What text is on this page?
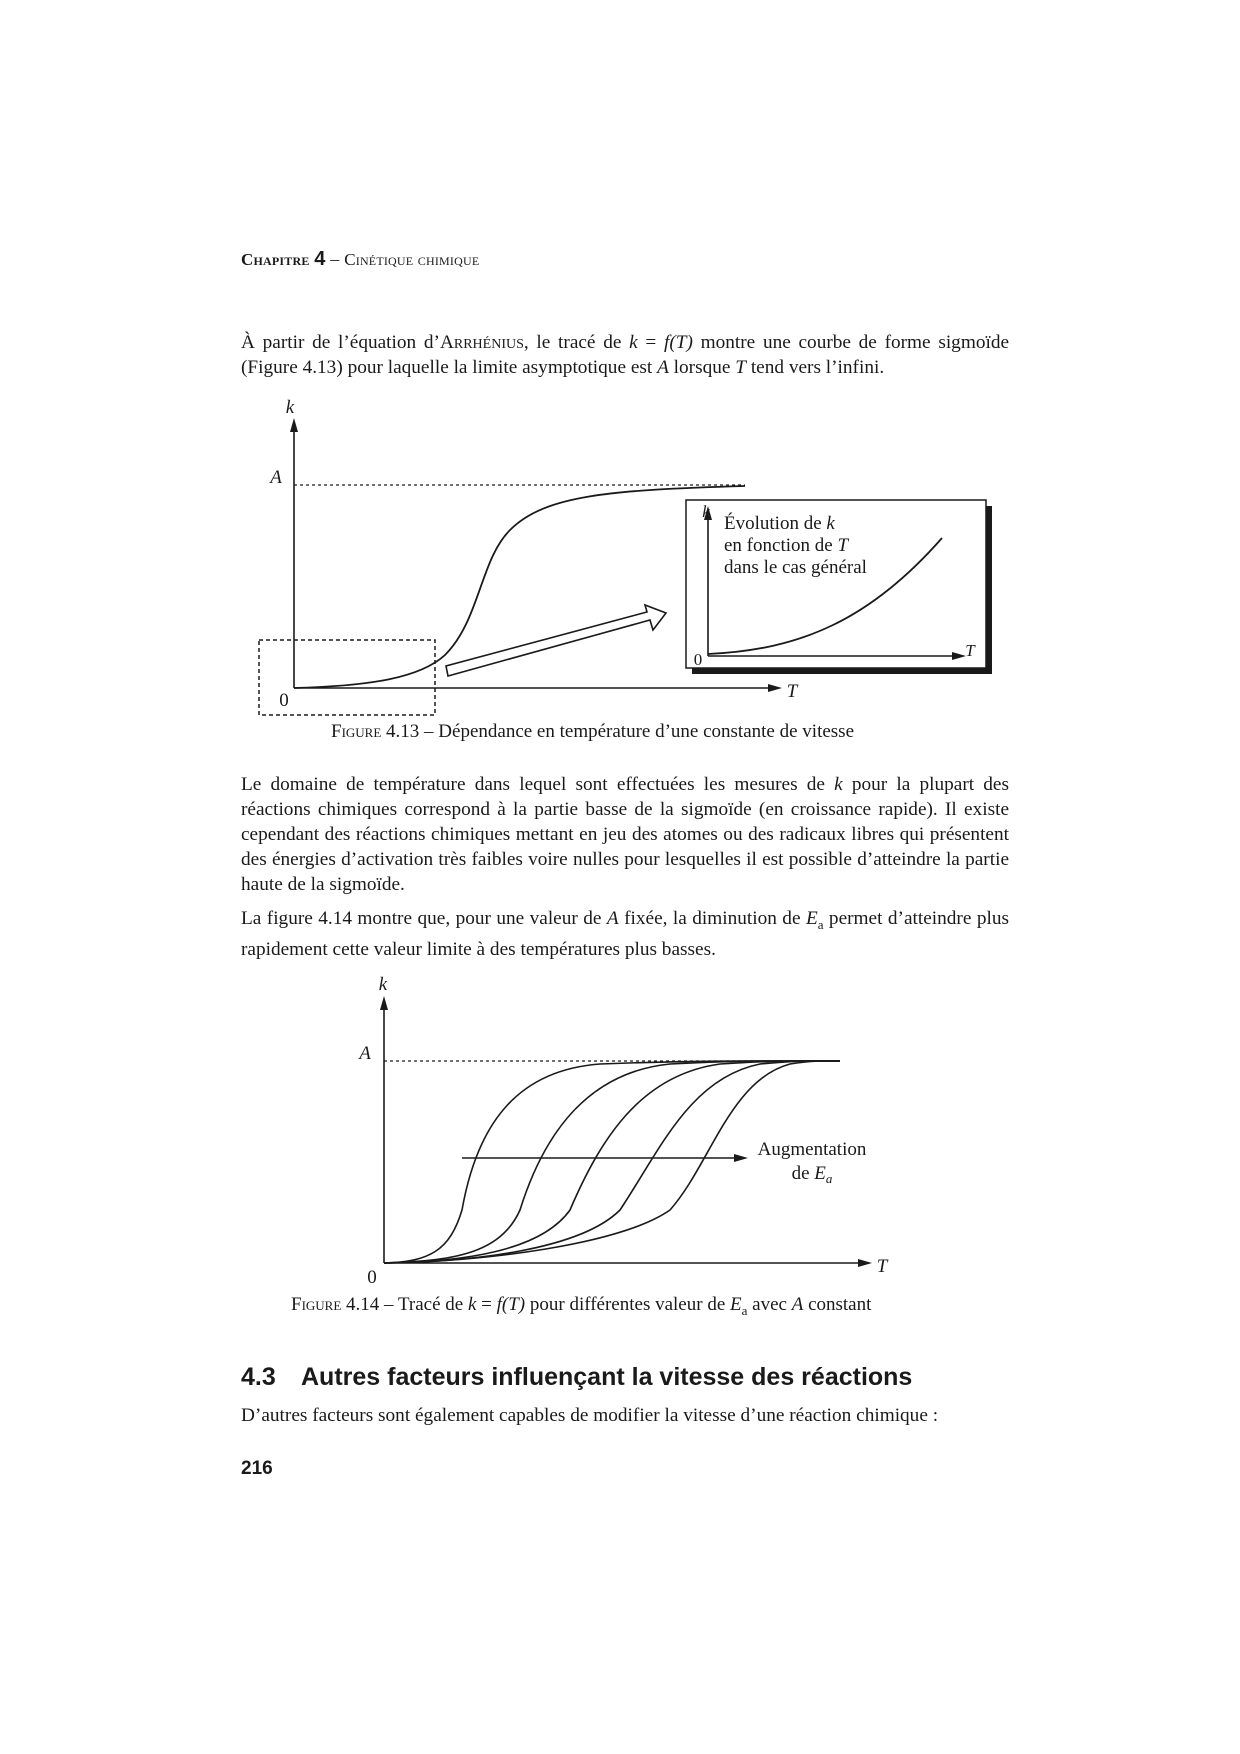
Chapitre 4 – Cinétique chimique
À partir de l’équation d’Arrhénius, le tracé de k = f(T) montre une courbe de forme sigmoïde (Figure 4.13) pour laquelle la limite asymptotique est A lorsque T tend vers l’infini.
k
A
0	T
k
0	T
Évolution de k
en fonction de T
dans le cas général
Figure 4.13 – Dépendance en température d’une constante de vitesse
Le domaine de température dans lequel sont effectuées les mesures de k pour la plupart des réactions chimiques correspond à la partie basse de la sigmoïde (en croissance rapide). Il existe cependant des réactions chimiques mettant en jeu des atomes ou des radicaux libres qui présentent des énergies d’activation très faibles voire nulles pour lesquelles il est possible d’atteindre la partie haute de la sigmoïde.
La figure 4.14 montre que, pour une valeur de A fixée, la diminution de $E_a$ permet d’atteindre plus rapidement cette valeur limite à des températures plus basses.
k
A
0
T
Augmentation
de $E_a$
Figure 4.14 – Tracé de k = f(T) pour différentes valeur de $E_a$ avec A constant
4.3 Autres facteurs influençant la vitesse des réactions
D’autres facteurs sont également capables de modifier la vitesse d’une réaction chimique :
216
